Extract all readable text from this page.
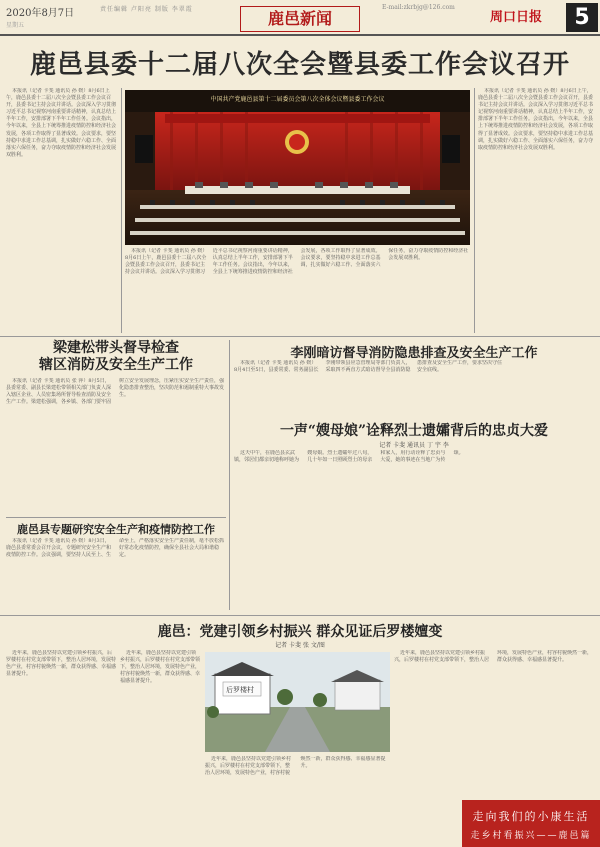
2020年8月7日
星期五
责任编辑 卢阳亮 制版 李翠霞	鹿邑新闻
E-mail:zkrbjg@126.com
周口日报	5
鹿邑县委十二届八次全会暨县委工作会议召开

本报讯（记者 卡斐 通讯员 孙 媛）8月6日上午，鹿邑县委十二届八次全会暨县委工作会议召开，县委书记主持会议并讲话。会议深入学习贯彻习近平总书记视察河南重要讲话精神，认真总结上半年工作，安排部署下半年工作任务。会议指出，今年以来，全县上下统筹推进疫情防控和经济社会发展，各项工作取得了显著成效。会议要求，要坚持稳中求进工作总基调，扎实做好六稳工作、全面落实六保任务，奋力夺取疫情防控和经济社会发展双胜利。

中国共产党鹿邑县第十二届委员会第八次全体会议暨县委工作会议

本报讯（记者 卡斐 通讯员 孙 媛）8月6日上午，鹿邑县委十二届八次全会暨县委工作会议召开，县委书记主持会议并讲话。会议深入学习贯彻习近平总书记视察河南重要讲话精神，认真总结上半年工作，安排部署下半年工作任务。会议指出，今年以来，全县上下统筹推进疫情防控和经济社会发展，各项工作取得了显著成效。会议要求，要坚持稳中求进工作总基调，扎实做好六稳工作、全面落实六保任务，奋力夺取疫情防控和经济社会发展双胜利。

本报讯（记者 卡斐 通讯员 孙 媛）8月6日上午，鹿邑县委十二届八次全会暨县委工作会议召开，县委书记主持会议并讲话。会议深入学习贯彻习近平总书记视察河南重要讲话精神，认真总结上半年工作，安排部署下半年工作任务。会议指出，今年以来，全县上下统筹推进疫情防控和经济社会发展，各项工作取得了显著成效。会议要求，要坚持稳中求进工作总基调，扎实做好六稳工作、全面落实六保任务，奋力夺取疫情防控和经济社会发展双胜利。

梁建松带头督导检查
辖区消防及安全生产工作

本报讯（记者 卡斐 通讯员 张 萍）8月5日，县委常委、副县长梁建松带领相关部门负责人深入辖区企业、人员密集场所督导检查消防及安全生产工作。梁建松强调，各乡镇、各部门要牢固树立安全发展理念，压紧压实安全生产责任，强化隐患排查整治，坚决防范和遏制重特大事故发生。

李刚暗访督导消防隐患排查及安全生产工作

本报讯（记者 卡斐 通讯员 孙 媛）8月4日至5日，县委常委、常务副县长李刚带领县应急管理局等部门负责人，采取四不两直方式暗访督导全县消防隐患排查及安全生产工作，要求坚决守住安全底线。

一声“嫂母娘”诠释烈士遗孀背后的忠贞大爱
记者 卡斐 通讯员 丁 宇 李

这天中午，在鹿邑县玄武镇，邻居们都亲切地称呼她为嫂母娘。烈士遗孀年过八旬，几十年如一日照顾烈士的母亲和家人，用行动诠释了忠贞与大爱，她的事迹在当地广为传颂。

鹿邑县专题研究安全生产和疫情防控工作

本报讯（记者 卡斐 通讯员 孙 媛）8月3日，鹿邑县委常委会召开会议，专题研究安全生产和疫情防控工作。会议强调，要坚持人民至上、生命至上，严格落实安全生产责任制，毫不放松抓好常态化疫情防控，确保全县社会大局和谐稳定。

鹿邑：党建引领乡村振兴 群众见证后罗楼嬗变
记者 卡斐 张 文/图

近年来，鹿邑县坚持以党建引领乡村振兴，后罗楼村在村党支部带领下，整治人居环境，发展特色产业，村容村貌焕然一新，群众获得感、幸福感显著提升。

后罗楼村

近年来，鹿邑县坚持以党建引领乡村振兴，后罗楼村在村党支部带领下，整治人居环境，发展特色产业，村容村貌焕然一新，群众获得感、幸福感显著提升。

近年来，鹿邑县坚持以党建引领乡村振兴，后罗楼村在村党支部带领下，整治人居环境，发展特色产业，村容村貌焕然一新，群众获得感、幸福感显著提升。

近年来，鹿邑县坚持以党建引领乡村振兴，后罗楼村在村党支部带领下，整治人居环境，发展特色产业，村容村貌焕然一新，群众获得感、幸福感显著提升。

走向我们的小康生活
走乡村看振兴——鹿邑篇
